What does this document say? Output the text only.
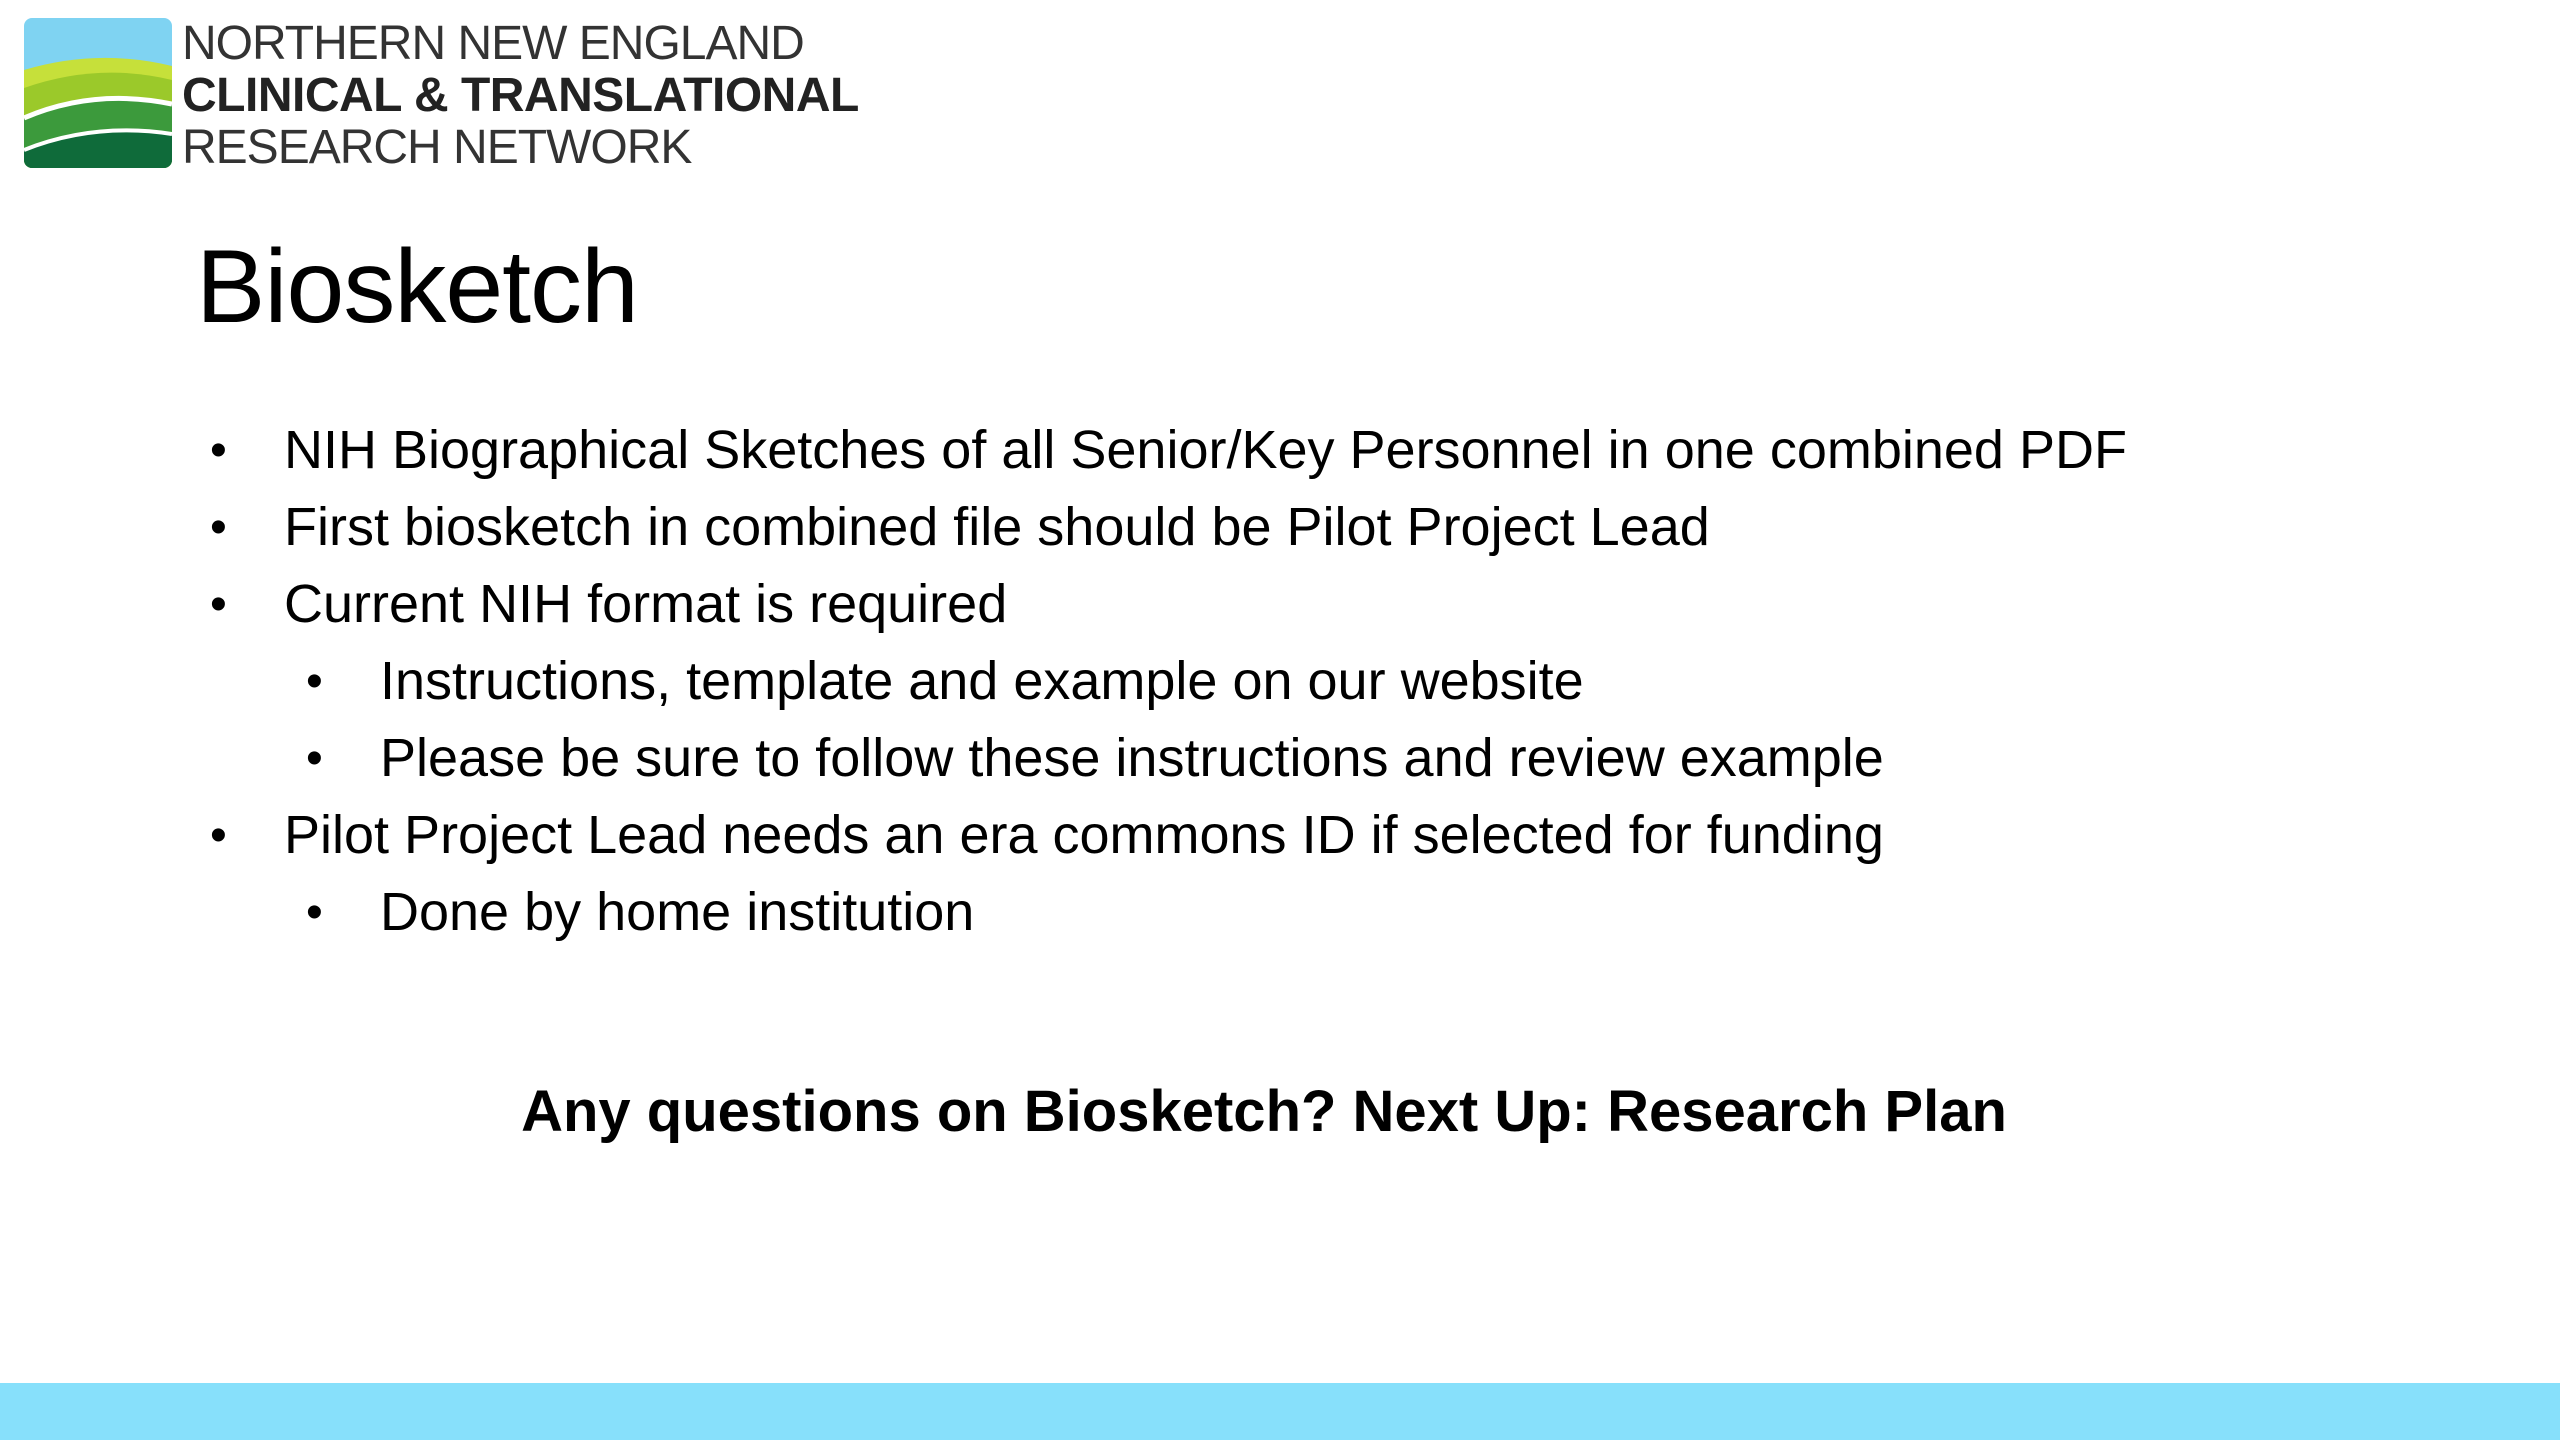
NORTHERN NEW ENGLAND
CLINICAL & TRANSLATIONAL
RESEARCH NETWORK
Biosketch
• NIH Biographical Sketches of all Senior/Key Personnel in one combined PDF
• First biosketch in combined file should be Pilot Project Lead
• Current NIH format is required
• Instructions, template and example on our website
• Please be sure to follow these instructions and review example
• Pilot Project Lead needs an era commons ID if selected for funding
• Done by home institution
Any questions on Biosketch? Next Up: Research Plan
